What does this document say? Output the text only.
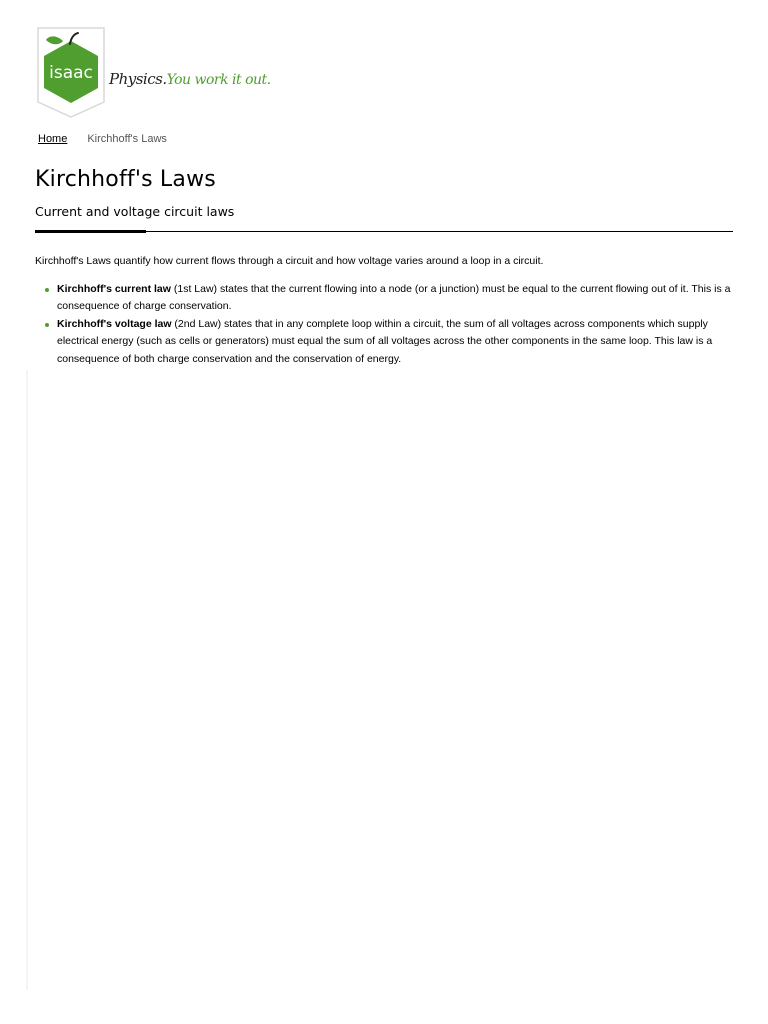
isaac Physics.You work it out.
Home Kirchhoff's Laws
Kirchhoff's Laws
Current and voltage circuit laws

Kirchhoff's Laws quantify how current flows through a circuit and how voltage varies around a loop in a circuit.

Kirchhoff's current law (1st Law) states that the current flowing into a node (or a junction) must be equal to the current flowing out of it. This is a consequence of charge conservation.
Kirchhoff's voltage law (2nd Law) states that in any complete loop within a circuit, the sum of all voltages across components which supply electrical energy (such as cells or generators) must equal the sum of all voltages across the other components in the same loop. This law is a consequence of both charge conservation and the conservation of energy.
